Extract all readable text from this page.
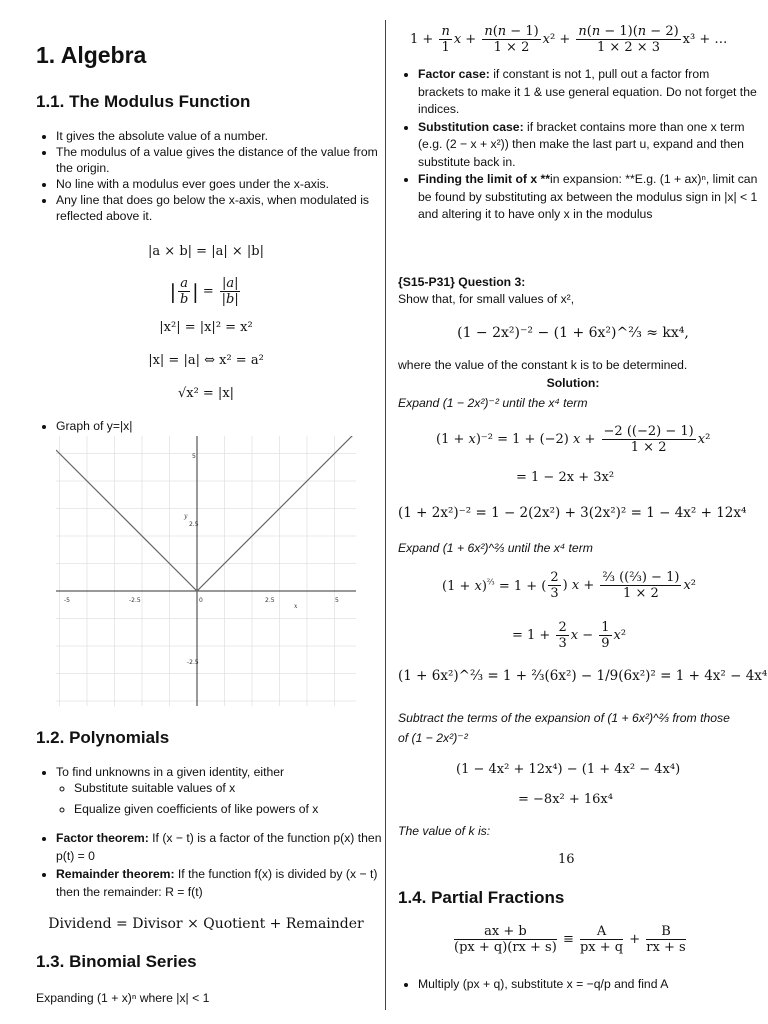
1. Algebra
1.1. The Modulus Function
• It gives the absolute value of a number.
• The modulus of a value gives the distance of the value from the origin.
• No line with a modulus ever goes under the x-axis.
• Any line that does go below the x-axis, when modulated is reflected above it.
|a × b| = |a| × |b|
| $\frac{a}{b}$ | = $\frac{|a|}{|b|}$
|x²| = |x|² = x²
|x| = |a| ⇔ x² = a²
√x² = |x|
• Graph of y=|x|
1.2. Polynomials
• To find unknowns in a given identity, either
◦ Substitute suitable values of x
◦ Equalize given coefficients of like powers of x
• Factor theorem: If (x − t) is a factor of the function p(x) then p(t) = 0
• Remainder theorem: If the function f(x) is divided by (x − t) then the remainder: R = f(t)
Dividend = Divisor × Quotient + Remainder
1.3. Binomial Series
Expanding (1 + x)ⁿ where |x| < 1
-5	-2.5	0	2.5	5
5
2.5
-2.5
x
y
$1 + \frac{n}{1}$ $x + \frac{n(n - 1)}{1 \times 2} x^2 + \frac{n(n - 1)(n - 2)}{1 \times 2 \times 3} x^3$ + …
• Factor case: if constant is not 1, pull out a factor from brackets to make it 1 & use general equation. Do not forget the indices.
• Substitution case: if bracket contains more than one x term (e.g. (2 − x + x²)) then make the last part u, expand and then substitute back in.
• Finding the limit of x **in expansion: **E.g. (1 + ax)ⁿ, limit can be found by substituting ax between the modulus sign in |x| < 1 and altering it to have only x in the modulus
{S15-P31} Question 3:
Show that, for small values of x²,
(1 − 2x²)⁻² − (1 + 6x²)^⅔ ≈ kx⁴,
where the value of the constant k is to be determined.
Solution:
Expand (1 − 2x²)⁻² until the x⁴ term
(1 + x)⁻² = 1 + (−2) $x + \frac{-2 ((-2) - 1)}{1 \times 2} x^2$
= 1 − 2x + 3x²
(1 + 2x²)⁻² = 1 − 2(2x²) + 3(2x²)² = 1 − 4x² + 12x⁴
Expand (1 + 6x²)^⅔ until the x⁴ term
$(1 + x)^{\frac{2}{3}} = 1$ + ( $\frac{2}{3}$ ) $x + \frac{\text{⅔ ((⅔) − 1)}}{1 \times 2} x^2$
= $1 + \frac{2}{3}$ $x - \frac{1}{9} x^2$
(1 + 6x²)^⅔ = 1 + ⅔(6x²) − 1/9(6x²)² = 1 + 4x² − 4x⁴
Subtract the terms of the expansion of (1 + 6x²)^⅔ from those of (1 − 2x²)⁻²
(1 − 4x² + 12x⁴) − (1 + 4x² − 4x⁴)
= −8x² + 16x⁴
The value of k is:
16
1.4. Partial Fractions
$\frac{ax + b}{(px + q)(rx + s)} \equiv \frac{A}{px + q} + \frac{B}{rx + s}$
• Multiply (px + q), substitute x = −q/p and find A
